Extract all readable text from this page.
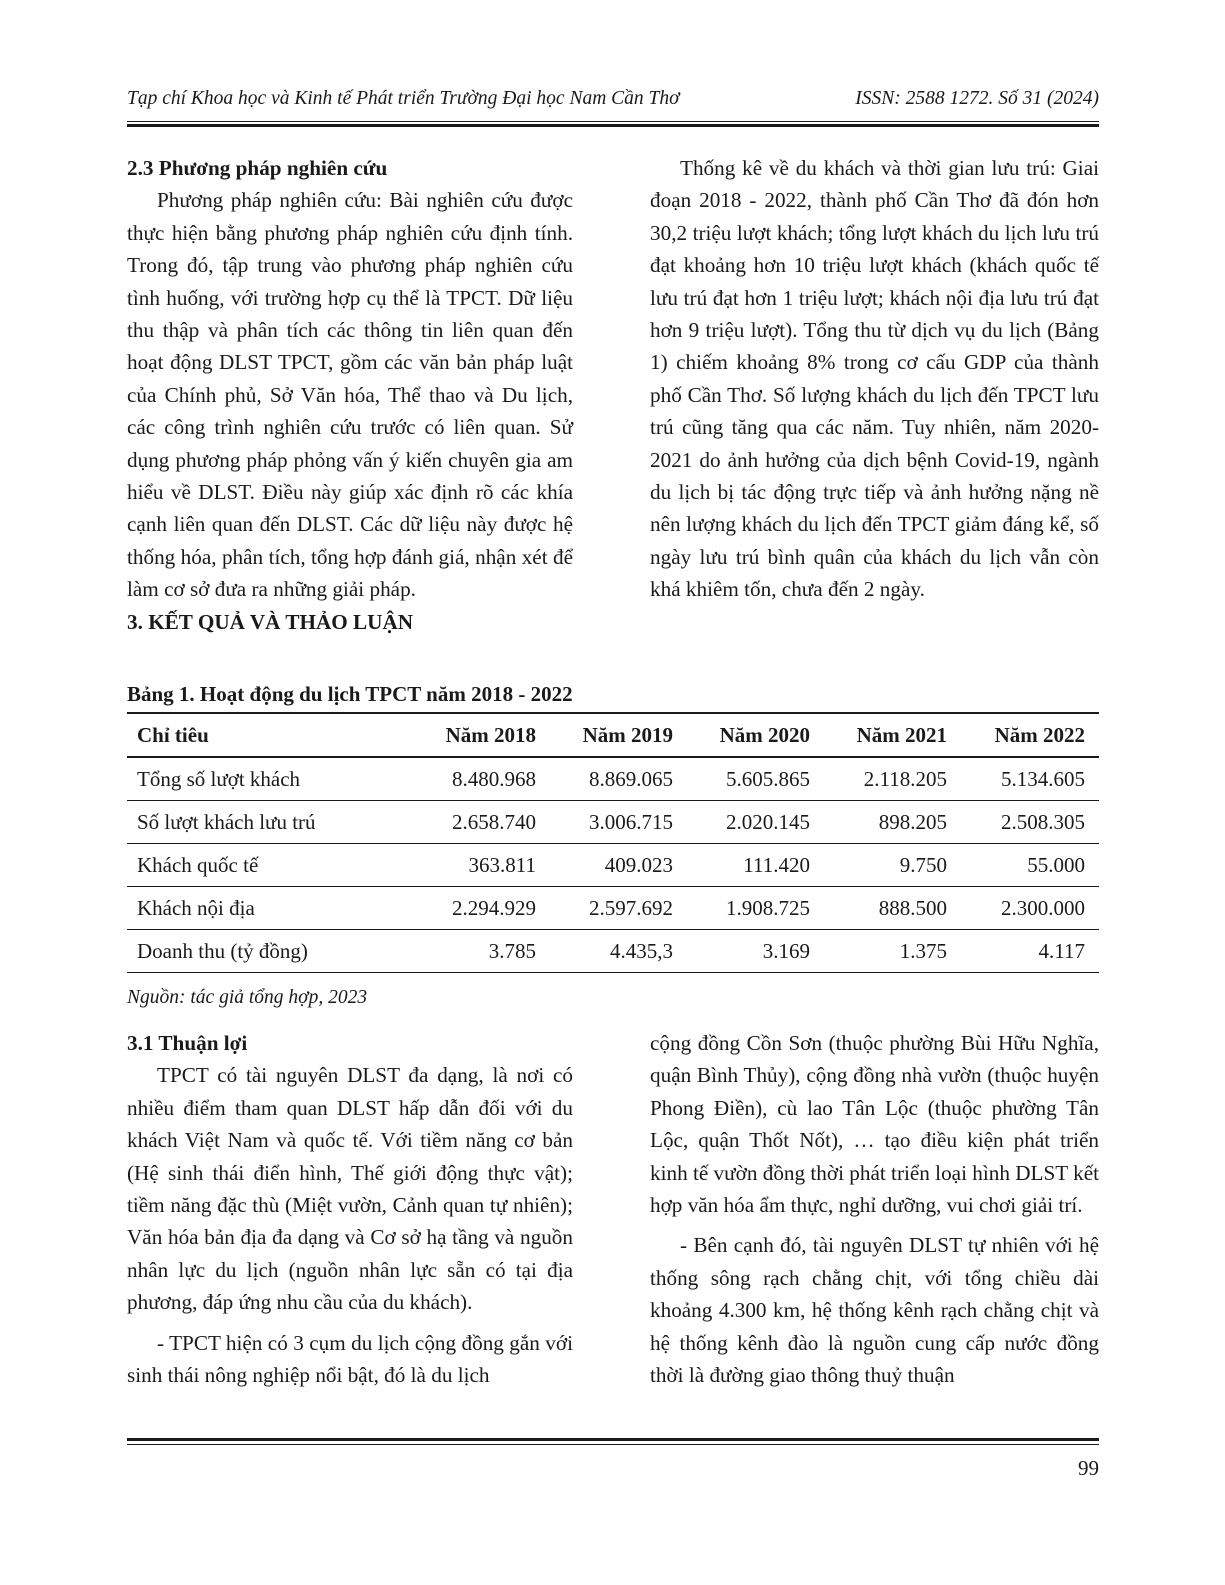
Tạp chí Khoa học và Kinh tế Phát triển Trường Đại học Nam Cần Thơ	ISSN: 2588 1272. Số 31 (2024)
2.3 Phương pháp nghiên cứu

Phương pháp nghiên cứu: Bài nghiên cứu được thực hiện bằng phương pháp nghiên cứu định tính. Trong đó, tập trung vào phương pháp nghiên cứu tình huống, với trường hợp cụ thể là TPCT. Dữ liệu thu thập và phân tích các thông tin liên quan đến hoạt động DLST TPCT, gồm các văn bản pháp luật của Chính phủ, Sở Văn hóa, Thể thao và Du lịch, các công trình nghiên cứu trước có liên quan. Sử dụng phương pháp phỏng vấn ý kiến chuyên gia am hiểu về DLST. Điều này giúp xác định rõ các khía cạnh liên quan đến DLST. Các dữ liệu này được hệ thống hóa, phân tích, tổng hợp đánh giá, nhận xét để làm cơ sở đưa ra những giải pháp.

3. KẾT QUẢ VÀ THẢO LUẬN

Thống kê về du khách và thời gian lưu trú: Giai đoạn 2018 - 2022, thành phố Cần Thơ đã đón hơn 30,2 triệu lượt khách; tổng lượt khách du lịch lưu trú đạt khoảng hơn 10 triệu lượt khách (khách quốc tế lưu trú đạt hơn 1 triệu lượt; khách nội địa lưu trú đạt hơn 9 triệu lượt). Tổng thu từ dịch vụ du lịch (Bảng 1) chiếm khoảng 8% trong cơ cấu GDP của thành phố Cần Thơ. Số lượng khách du lịch đến TPCT lưu trú cũng tăng qua các năm. Tuy nhiên, năm 2020-2021 do ảnh hưởng của dịch bệnh Covid-19, ngành du lịch bị tác động trực tiếp và ảnh hưởng nặng nề nên lượng khách du lịch đến TPCT giảm đáng kể, số ngày lưu trú bình quân của khách du lịch vẫn còn khá khiêm tốn, chưa đến 2 ngày.

Bảng 1. Hoạt động du lịch TPCT năm 2018 - 2022
Chỉ tiêu	Năm 2018	Năm 2019	Năm 2020	Năm 2021	Năm 2022
Tổng số lượt khách	8.480.968	8.869.065	5.605.865	2.118.205	5.134.605
Số lượt khách lưu trú	2.658.740	3.006.715	2.020.145	898.205	2.508.305
Khách quốc tế	363.811	409.023	111.420	9.750	55.000
Khách nội địa	2.294.929	2.597.692	1.908.725	888.500	2.300.000
Doanh thu (tỷ đồng)	3.785	4.435,3	3.169	1.375	4.117
Nguồn: tác giả tổng hợp, 2023
3.1 Thuận lợi

TPCT có tài nguyên DLST đa dạng, là nơi có nhiều điểm tham quan DLST hấp dẫn đối với du khách Việt Nam và quốc tế. Với tiềm năng cơ bản (Hệ sinh thái điển hình, Thế giới động thực vật); tiềm năng đặc thù (Miệt vườn, Cảnh quan tự nhiên); Văn hóa bản địa đa dạng và Cơ sở hạ tầng và nguồn nhân lực du lịch (nguồn nhân lực sẵn có tại địa phương, đáp ứng nhu cầu của du khách).

- TPCT hiện có 3 cụm du lịch cộng đồng gắn với sinh thái nông nghiệp nổi bật, đó là du lịch

cộng đồng Cồn Sơn (thuộc phường Bùi Hữu Nghĩa, quận Bình Thủy), cộng đồng nhà vườn (thuộc huyện Phong Điền), cù lao Tân Lộc (thuộc phường Tân Lộc, quận Thốt Nốt), … tạo điều kiện phát triển kinh tế vườn đồng thời phát triển loại hình DLST kết hợp văn hóa ẩm thực, nghỉ dưỡng, vui chơi giải trí.

- Bên cạnh đó, tài nguyên DLST tự nhiên với hệ thống sông rạch chằng chịt, với tổng chiều dài khoảng 4.300 km, hệ thống kênh rạch chằng chịt và hệ thống kênh đào là nguồn cung cấp nước đồng thời là đường giao thông thuỷ thuận

99
